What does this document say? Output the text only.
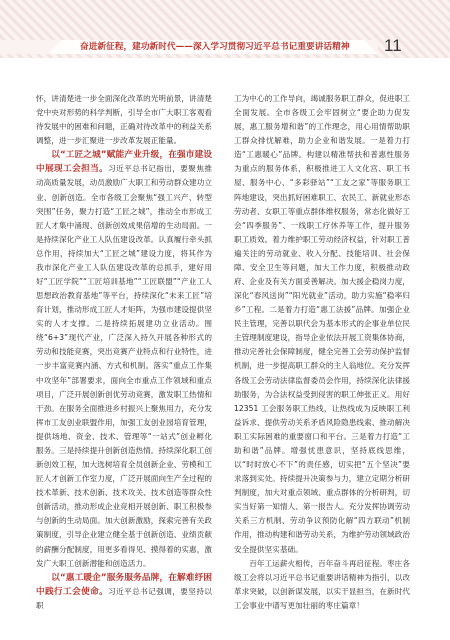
奋进新征程，建功新时代——深入学习贯彻习近平总书记重要讲话精神 11

怀，讲清楚进一步全面深化改革的光明前景，讲清楚党中央对形势的科学判断，引导全市广大职工客观看待发展中的困难和问题，正确对待改革中的利益关系调整，进一步汇聚进一步改革发展正能量。

以“工匠之城”赋能产业升级，在强市建设中展现工会担当。习近平总书记指出，要聚焦推动高质量发展，动员激励广大职工和劳动群众建功立业、创新创造。全市各级工会聚焦“强工兴产、转型突围”任务，聚力打造“工匠之城”，推动全市形成工匠人才集中涌现、创新创效成果倍增的生动局面。一是持续深化产业工人队伍建设改革。认真履行牵头抓总作用，持续加大“工匠之城”建设力度，将其作为我市深化产业工人队伍建设改革的总抓手，建好用好“工匠学院”“工匠培训基地”“工匠联盟”“产业工人思想政治教育基地”等平台，持续深化“未来工匠”培育计划，推动形成工匠人才矩阵，为强市建设提供坚实的人才支撑。二是持续拓展建功立业活动。围绕“6+3”现代产业，广泛深入持久开展各种形式的劳动和技能竞赛，突出竞赛产业特点和行业特性，进一步丰富竞赛内涵、方式和机制。落实“重点工作集中攻坚年”部署要求，面向全市重点工作领域和重点项目，广泛开展创新创优劳动竞赛，激发职工热情和干劲。在服务全面推进乡村振兴上聚焦用力，充分发挥市工友创业联盟作用，加强工友创业园培育管理，提供场地、资金、技术、管理等“一站式”创业孵化服务。三是持续提升创新创造热情。持续深化职工创新创效工程，加大选树培育全员创新企业、劳模和工匠人才创新工作室力度，广泛开展面向生产全过程的技术革新、技术创新、技术攻关、技术创造等群众性创新活动，推动形成企业竞相开展创新、职工积极参与创新的生动局面。加大创新激励，探索完善有关政策制度，引导企业建立健全基于创新创造、业绩贡献的薪酬分配制度，用更多看得见、摸得着的实惠，激发广大职工创新潜能和创造活力。

以“惠工暖企”服务服务品牌，在解难纾困中践行工会使命。习近平总书记强调，要坚持以职

工为中心的工作导向，竭诚服务职工群众，促进职工全面发展。全市各级工会牢固树立“要企助力促发展，惠工服务增和谐”的工作理念，用心用情帮助职工群众排忧解难，助力企业和谐发展。一是着力打造“工惠暖心”品牌。构建以精准帮扶和普惠性服务为重点的服务体系，积极推进工人文化宫、职工书屋、服务中心、“多彩驿站”“工友之家”等服务职工阵地建设，突出抓好困难职工、农民工、新就业形态劳动者、女职工等重点群体维权服务，常态化做好工会“四季服务”、一线职工疗休养等工作，提升服务职工质效。着力维护职工劳动经济权益，针对职工普遍关注的劳动就业、收入分配、技能培训、社会保障、安全卫生等问题，加大工作力度，积极推动政府、企业及有关方面妥善解决。加大援企稳岗力度，深化“春风送岗”“阳光就业”活动，助力实施“稳率归乡”工程。二是着力打造“惠工法援”品牌。加强企业民主管理，完善以职代会为基本形式的企事业单位民主管理制度建设，指导企业依法开展工资集体协商，推动完善社会保障制度，健全完善工会劳动保护监督机制，进一步提高职工群众的主人翁地位。充分发挥各级工会劳动法律监督委员会作用，持续深化法律援助服务，为合法权益受到侵害的职工伸张正义。用好 12351 工会服务职工热线，让热线成为反映职工利益诉求、提供劳动关系矛盾风险隐患线索、推动解决职工实际困难的重要窗口和平台。三是着力打造“工助和谐”品牌。增强忧患意识，坚持底线思维，以“时时放心不下”的责任感，切实把“五个坚决”要求落到实处。持续提升决策参与力，建立定期分析研判制度，加大对重点领域、重点群体的分析研判，切实当好第一知情人、第一报告人。充分发挥协调劳动关系三方机制、劳动争议预防化解“四方联动”机制作用，推动构建和谐劳动关系，为维护劳动领域政治安全提供坚实基础。

百年工运薪火相传，百年奋斗再启征程。枣庄各级工会将以习近平总书记重要讲话精神为指引，以改革求突破，以创新谋发展，以实干显担当，在新时代工会事业中谱写更加壮丽的枣庄篇章！
